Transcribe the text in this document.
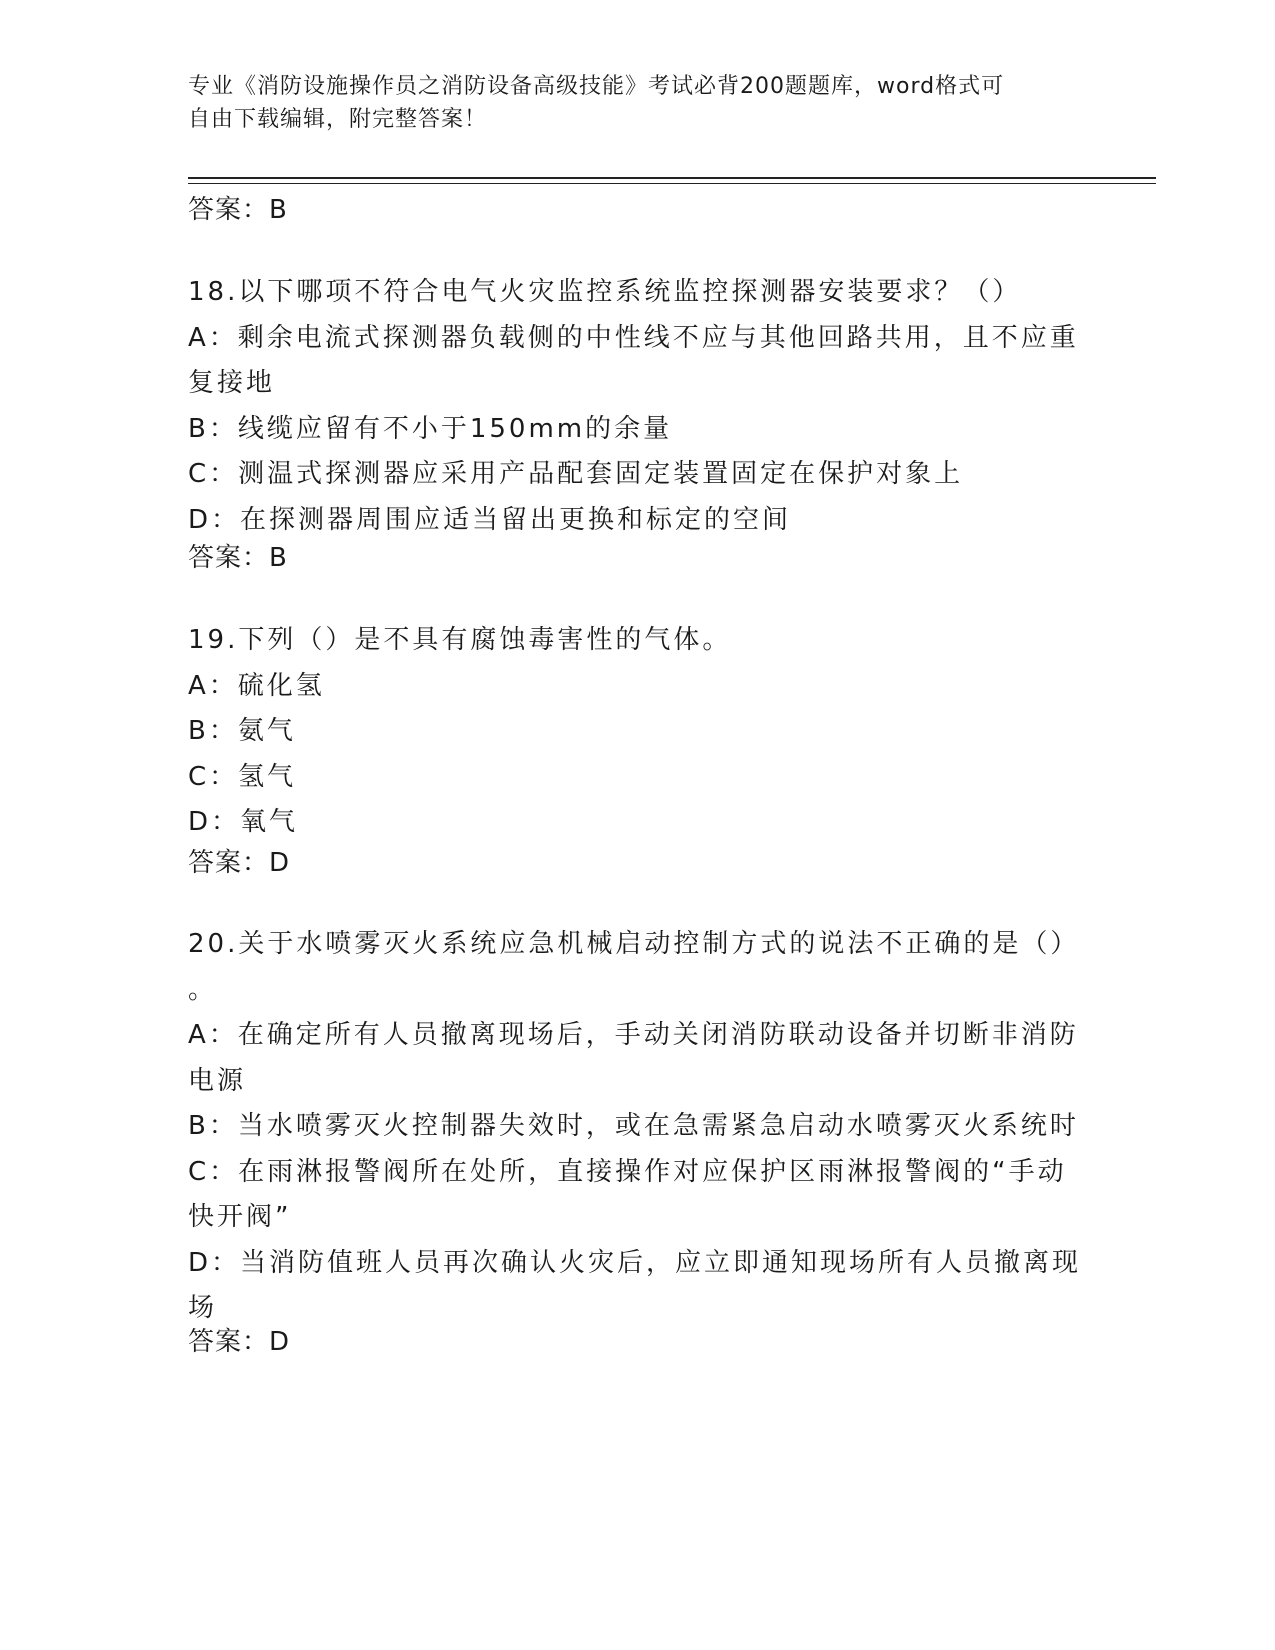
专业《消防设施操作员之消防设备高级技能》考试必背200题题库，word格式可
自由下载编辑，附完整答案！
答案：B
18.以下哪项不符合电气火灾监控系统监控探测器安装要求？（）
A：剩余电流式探测器负载侧的中性线不应与其他回路共用，且不应重
复接地
B：线缆应留有不小于150mm的余量
C：测温式探测器应采用产品配套固定装置固定在保护对象上
D：在探测器周围应适当留出更换和标定的空间
答案：B
19.下列（）是不具有腐蚀毒害性的气体。
A：硫化氢
B：氨气
C：氢气
D：氧气
答案：D
20.关于水喷雾灭火系统应急机械启动控制方式的说法不正确的是（）
。
A：在确定所有人员撤离现场后，手动关闭消防联动设备并切断非消防
电源
B：当水喷雾灭火控制器失效时，或在急需紧急启动水喷雾灭火系统时
C：在雨淋报警阀所在处所，直接操作对应保护区雨淋报警阀的“手动
快开阀”
D：当消防值班人员再次确认火灾后，应立即通知现场所有人员撤离现
场
答案：D
